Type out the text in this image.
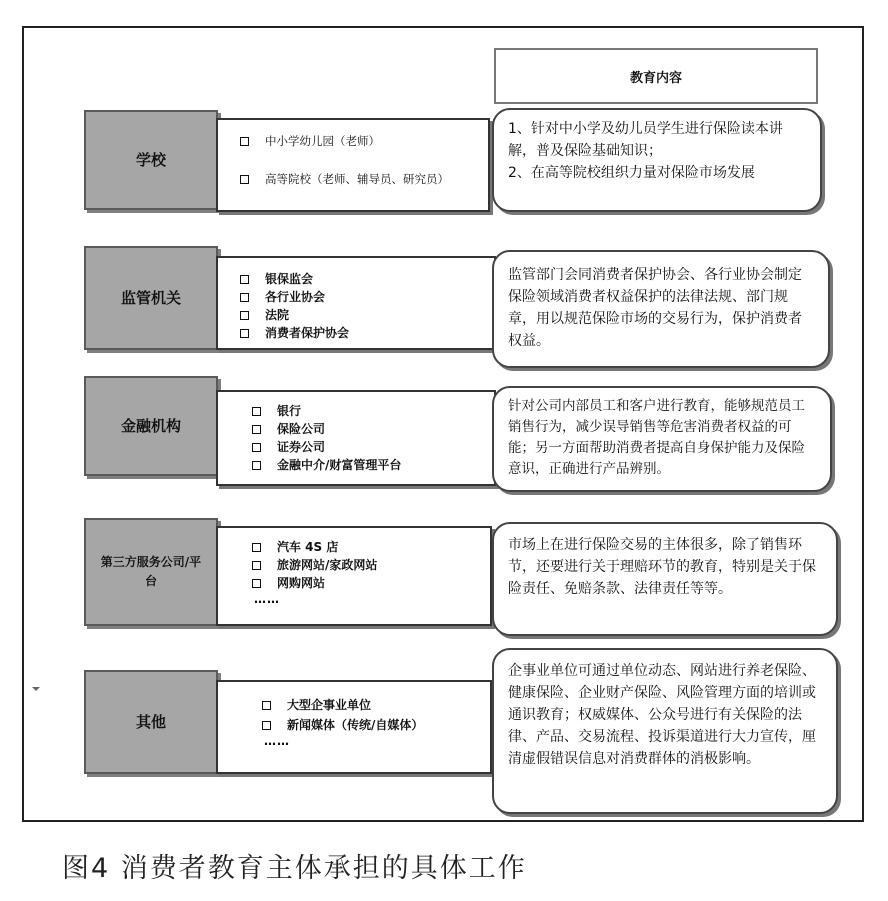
教育内容
学校
中小学幼儿园（老师）
高等院校（老师、辅导员、研究员）
1、针对中小学及幼儿员学生进行保险读本讲解，普及保险基础知识；
2、在高等院校组织力量对保险市场发展
监管机关
银保监会
各行业协会
法院
消费者保护协会
监管部门会同消费者保护协会、各行业协会制定保险领域消费者权益保护的法律法规、部门规章，用以规范保险市场的交易行为，保护消费者权益。
金融机构
银行
保险公司
证券公司
金融中介/财富管理平台
针对公司内部员工和客户进行教育，能够规范员工销售行为，减少误导销售等危害消费者权益的可能；另一方面帮助消费者提高自身保护能力及保险意识，正确进行产品辨别。
第三方服务公司/平台
汽车 4S 店
旅游网站/家政网站
网购网站
……
市场上在进行保险交易的主体很多，除了销售环节，还要进行关于理赔环节的教育，特别是关于保险责任、免赔条款、法律责任等等。
其他
大型企事业单位
新闻媒体（传统/自媒体）
……
企事业单位可通过单位动态、网站进行养老保险、健康保险、企业财产保险、风险管理方面的培训或通识教育；权威媒体、公众号进行有关保险的法律、产品、交易流程、投诉渠道进行大力宣传，厘清虚假错误信息对消费群体的消极影响。
图4 消费者教育主体承担的具体工作
